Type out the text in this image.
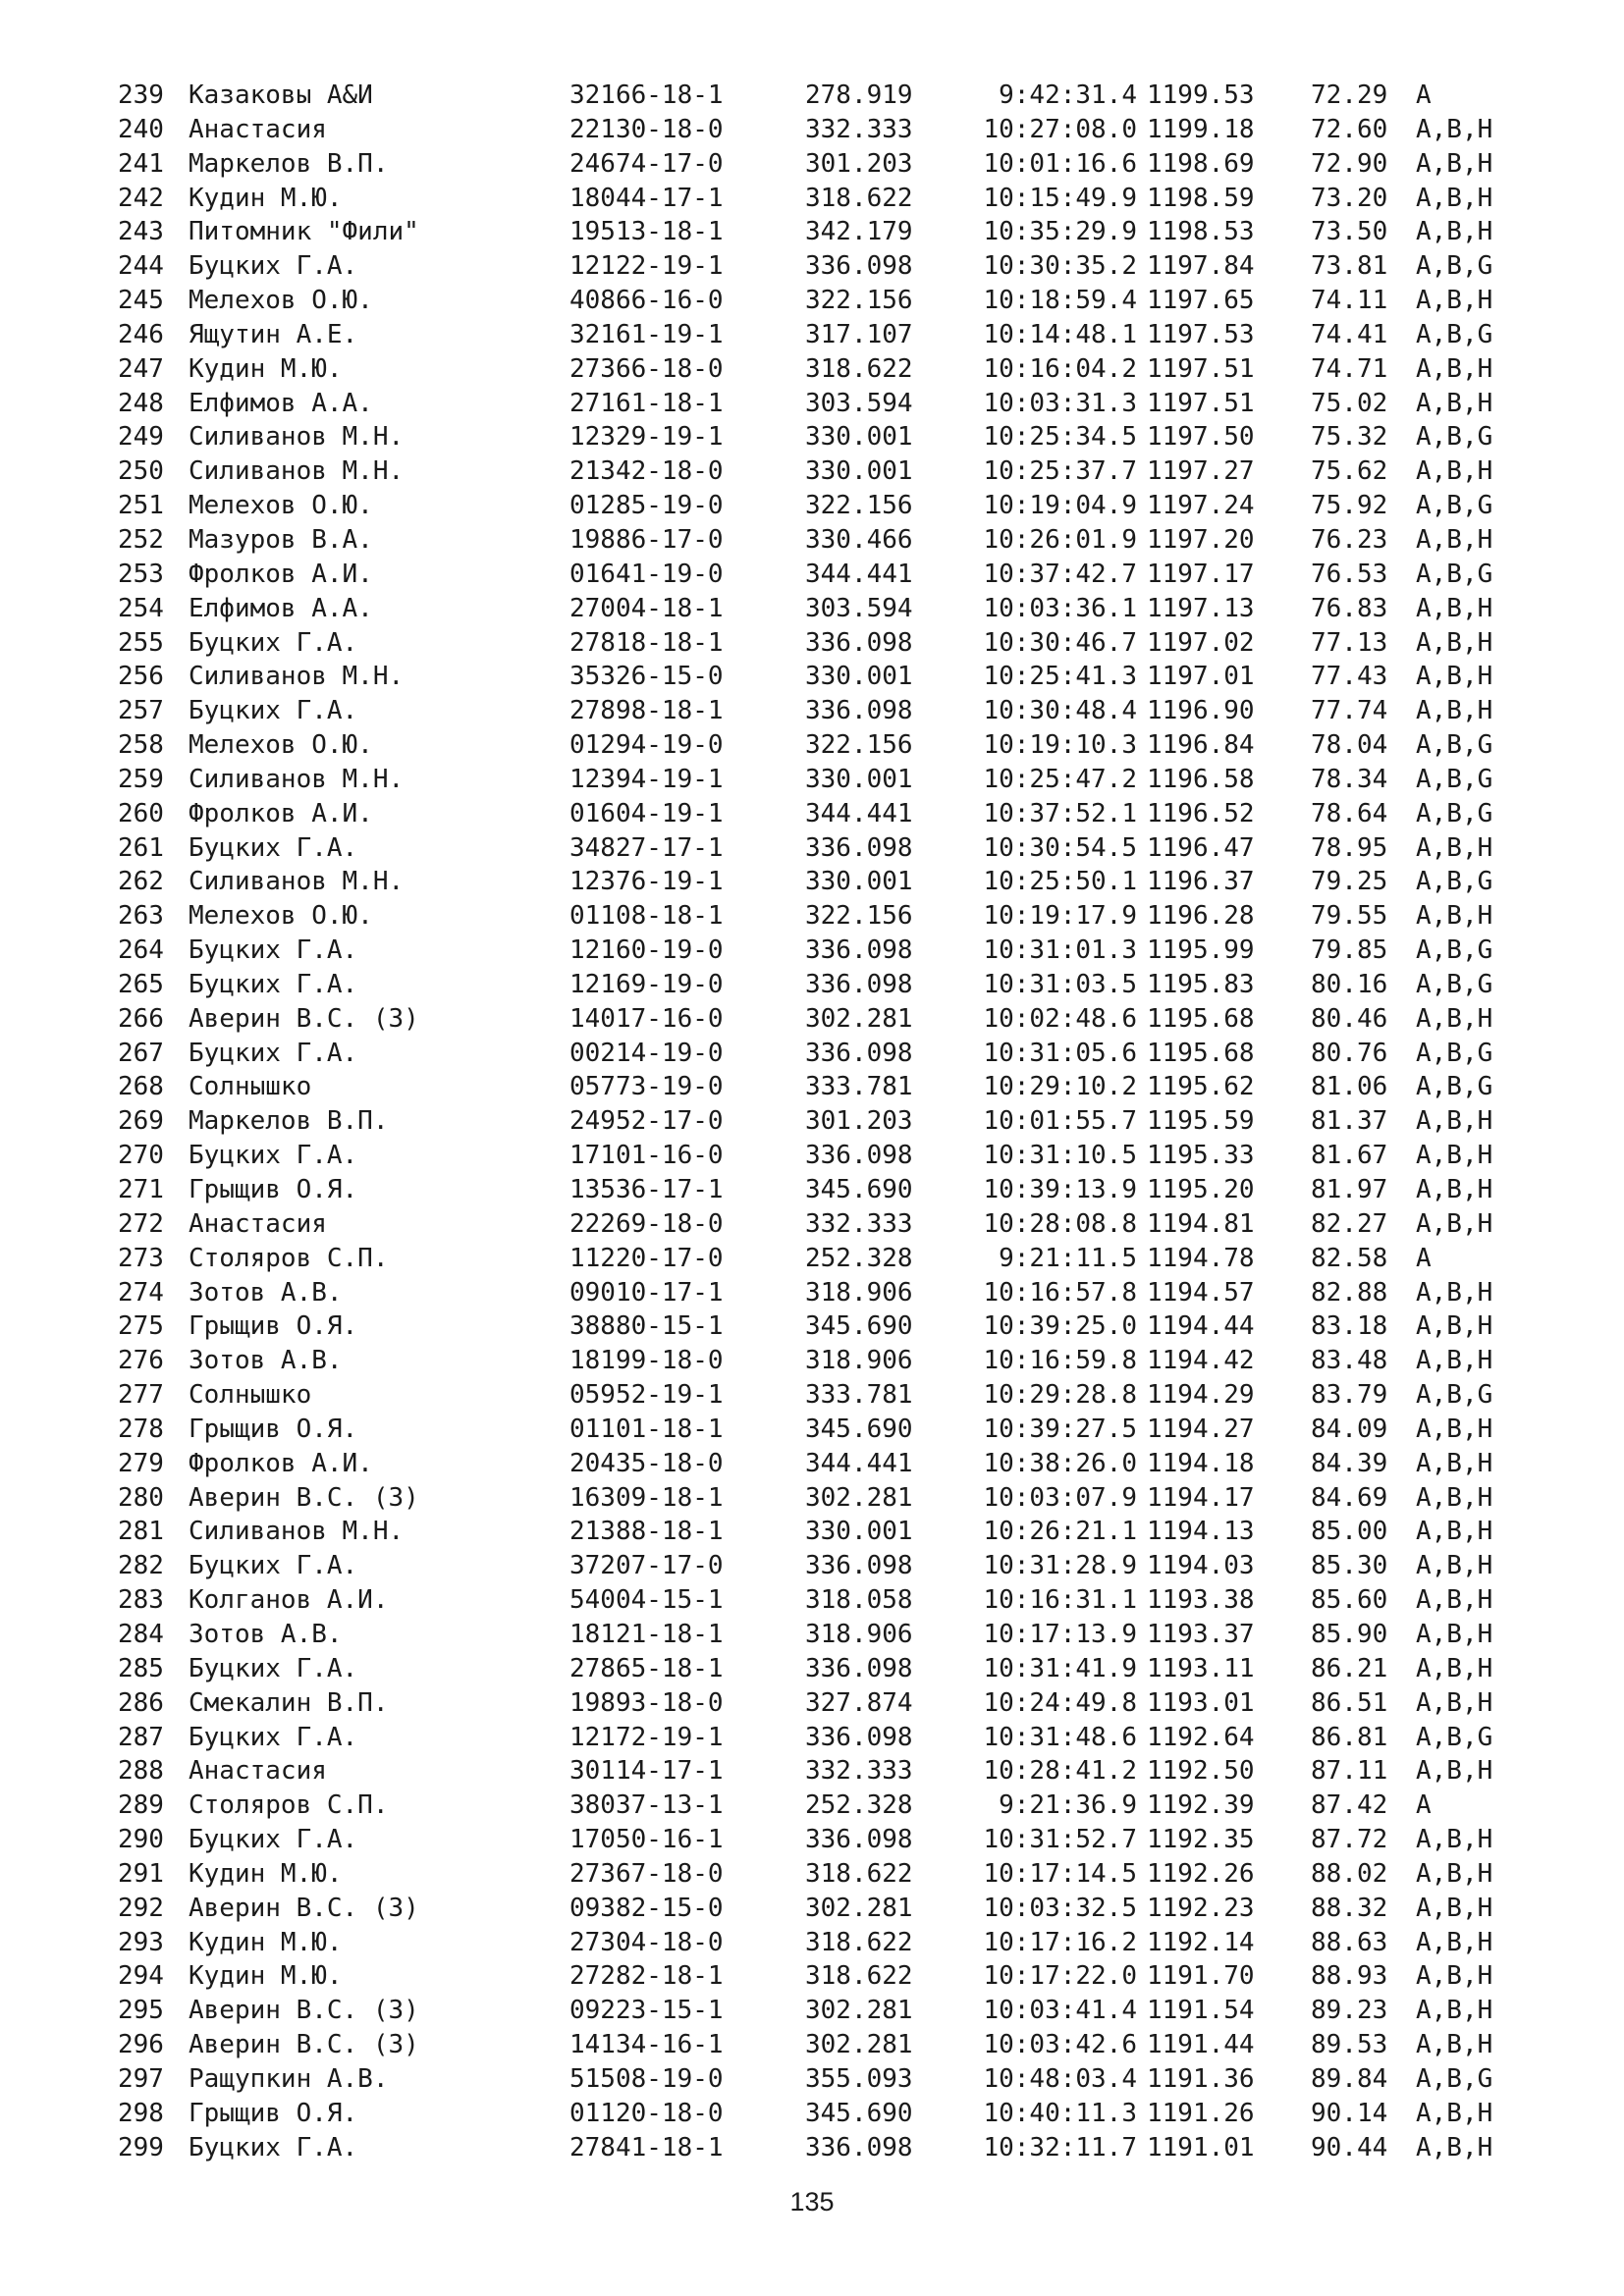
239 Казаковы А&И	32166-18-1	278.919	9:42:31.4 1199.53 72.29 A
240 Анастасия	22130-18-0	332.333	10:27:08.0 1199.18 72.60 A,B,H
241 Маркелов В.П.	24674-17-0	301.203	10:01:16.6 1198.69 72.90 A,B,H
242 Кудин М.Ю.	18044-17-1	318.622	10:15:49.9 1198.59 73.20 A,B,H
243 Питомник "Фили"	19513-18-1	342.179	10:35:29.9 1198.53 73.50 A,B,H
244 Буцких Г.А.	12122-19-1	336.098	10:30:35.2 1197.84 73.81 A,B,G
245 Мелехов О.Ю.	40866-16-0	322.156	10:18:59.4 1197.65 74.11 A,B,H
246 Ящутин А.Е.	32161-19-1	317.107	10:14:48.1 1197.53 74.41 A,B,G
247 Кудин М.Ю.	27366-18-0	318.622	10:16:04.2 1197.51 74.71 A,B,H
248 Елфимов А.А.	27161-18-1	303.594	10:03:31.3 1197.51 75.02 A,B,H
249 Силиванов М.Н.	12329-19-1	330.001	10:25:34.5 1197.50 75.32 A,B,G
250 Силиванов М.Н.	21342-18-0	330.001	10:25:37.7 1197.27 75.62 A,B,H
251 Мелехов О.Ю.	01285-19-0	322.156	10:19:04.9 1197.24 75.92 A,B,G
252 Мазуров В.А.	19886-17-0	330.466	10:26:01.9 1197.20 76.23 A,B,H
253 Фролков А.И.	01641-19-0	344.441	10:37:42.7 1197.17 76.53 A,B,G
254 Елфимов А.А.	27004-18-1	303.594	10:03:36.1 1197.13 76.83 A,B,H
255 Буцких Г.А.	27818-18-1	336.098	10:30:46.7 1197.02 77.13 A,B,H
256 Силиванов М.Н.	35326-15-0	330.001	10:25:41.3 1197.01 77.43 A,B,H
257 Буцких Г.А.	27898-18-1	336.098	10:30:48.4 1196.90 77.74 A,B,H
258 Мелехов О.Ю.	01294-19-0	322.156	10:19:10.3 1196.84 78.04 A,B,G
259 Силиванов М.Н.	12394-19-1	330.001	10:25:47.2 1196.58 78.34 A,B,G
260 Фролков А.И.	01604-19-1	344.441	10:37:52.1 1196.52 78.64 A,B,G
261 Буцких Г.А.	34827-17-1	336.098	10:30:54.5 1196.47 78.95 A,B,H
262 Силиванов М.Н.	12376-19-1	330.001	10:25:50.1 1196.37 79.25 A,B,G
263 Мелехов О.Ю.	01108-18-1	322.156	10:19:17.9 1196.28 79.55 A,B,H
264 Буцких Г.А.	12160-19-0	336.098	10:31:01.3 1195.99 79.85 A,B,G
265 Буцких Г.А.	12169-19-0	336.098	10:31:03.5 1195.83 80.16 A,B,G
266 Аверин В.С. (З)	14017-16-0	302.281	10:02:48.6 1195.68 80.46 A,B,H
267 Буцких Г.А.	00214-19-0	336.098	10:31:05.6 1195.68 80.76 A,B,G
268 Солнышко	05773-19-0	333.781	10:29:10.2 1195.62 81.06 A,B,G
269 Маркелов В.П.	24952-17-0	301.203	10:01:55.7 1195.59 81.37 A,B,H
270 Буцких Г.А.	17101-16-0	336.098	10:31:10.5 1195.33 81.67 A,B,H
271 Грыщив О.Я.	13536-17-1	345.690	10:39:13.9 1195.20 81.97 A,B,H
272 Анастасия	22269-18-0	332.333	10:28:08.8 1194.81 82.27 A,B,H
273 Столяров С.П.	11220-17-0	252.328	9:21:11.5 1194.78 82.58 A
274 Зотов А.В.	09010-17-1	318.906	10:16:57.8 1194.57 82.88 A,B,H
275 Грыщив О.Я.	38880-15-1	345.690	10:39:25.0 1194.44 83.18 A,B,H
276 Зотов А.В.	18199-18-0	318.906	10:16:59.8 1194.42 83.48 A,B,H
277 Солнышко	05952-19-1	333.781	10:29:28.8 1194.29 83.79 A,B,G
278 Грыщив О.Я.	01101-18-1	345.690	10:39:27.5 1194.27 84.09 A,B,H
279 Фролков А.И.	20435-18-0	344.441	10:38:26.0 1194.18 84.39 A,B,H
280 Аверин В.С. (З)	16309-18-1	302.281	10:03:07.9 1194.17 84.69 A,B,H
281 Силиванов М.Н.	21388-18-1	330.001	10:26:21.1 1194.13 85.00 A,B,H
282 Буцких Г.А.	37207-17-0	336.098	10:31:28.9 1194.03 85.30 A,B,H
283 Колганов А.И.	54004-15-1	318.058	10:16:31.1 1193.38 85.60 A,B,H
284 Зотов А.В.	18121-18-1	318.906	10:17:13.9 1193.37 85.90 A,B,H
285 Буцких Г.А.	27865-18-1	336.098	10:31:41.9 1193.11 86.21 A,B,H
286 Смекалин В.П.	19893-18-0	327.874	10:24:49.8 1193.01 86.51 A,B,H
287 Буцких Г.А.	12172-19-1	336.098	10:31:48.6 1192.64 86.81 A,B,G
288 Анастасия	30114-17-1	332.333	10:28:41.2 1192.50 87.11 A,B,H
289 Столяров С.П.	38037-13-1	252.328	9:21:36.9 1192.39 87.42 A
290 Буцких Г.А.	17050-16-1	336.098	10:31:52.7 1192.35 87.72 A,B,H
291 Кудин М.Ю.	27367-18-0	318.622	10:17:14.5 1192.26 88.02 A,B,H
292 Аверин В.С. (З)	09382-15-0	302.281	10:03:32.5 1192.23 88.32 A,B,H
293 Кудин М.Ю.	27304-18-0	318.622	10:17:16.2 1192.14 88.63 A,B,H
294 Кудин М.Ю.	27282-18-1	318.622	10:17:22.0 1191.70 88.93 A,B,H
295 Аверин В.С. (З)	09223-15-1	302.281	10:03:41.4 1191.54 89.23 A,B,H
296 Аверин В.С. (З)	14134-16-1	302.281	10:03:42.6 1191.44 89.53 A,B,H
297 Ращупкин А.В.	51508-19-0	355.093	10:48:03.4 1191.36 89.84 A,B,G
298 Грыщив О.Я.	01120-18-0	345.690	10:40:11.3 1191.26 90.14 A,B,H
299 Буцких Г.А.	27841-18-1	336.098	10:32:11.7 1191.01 90.44 A,B,H
135
